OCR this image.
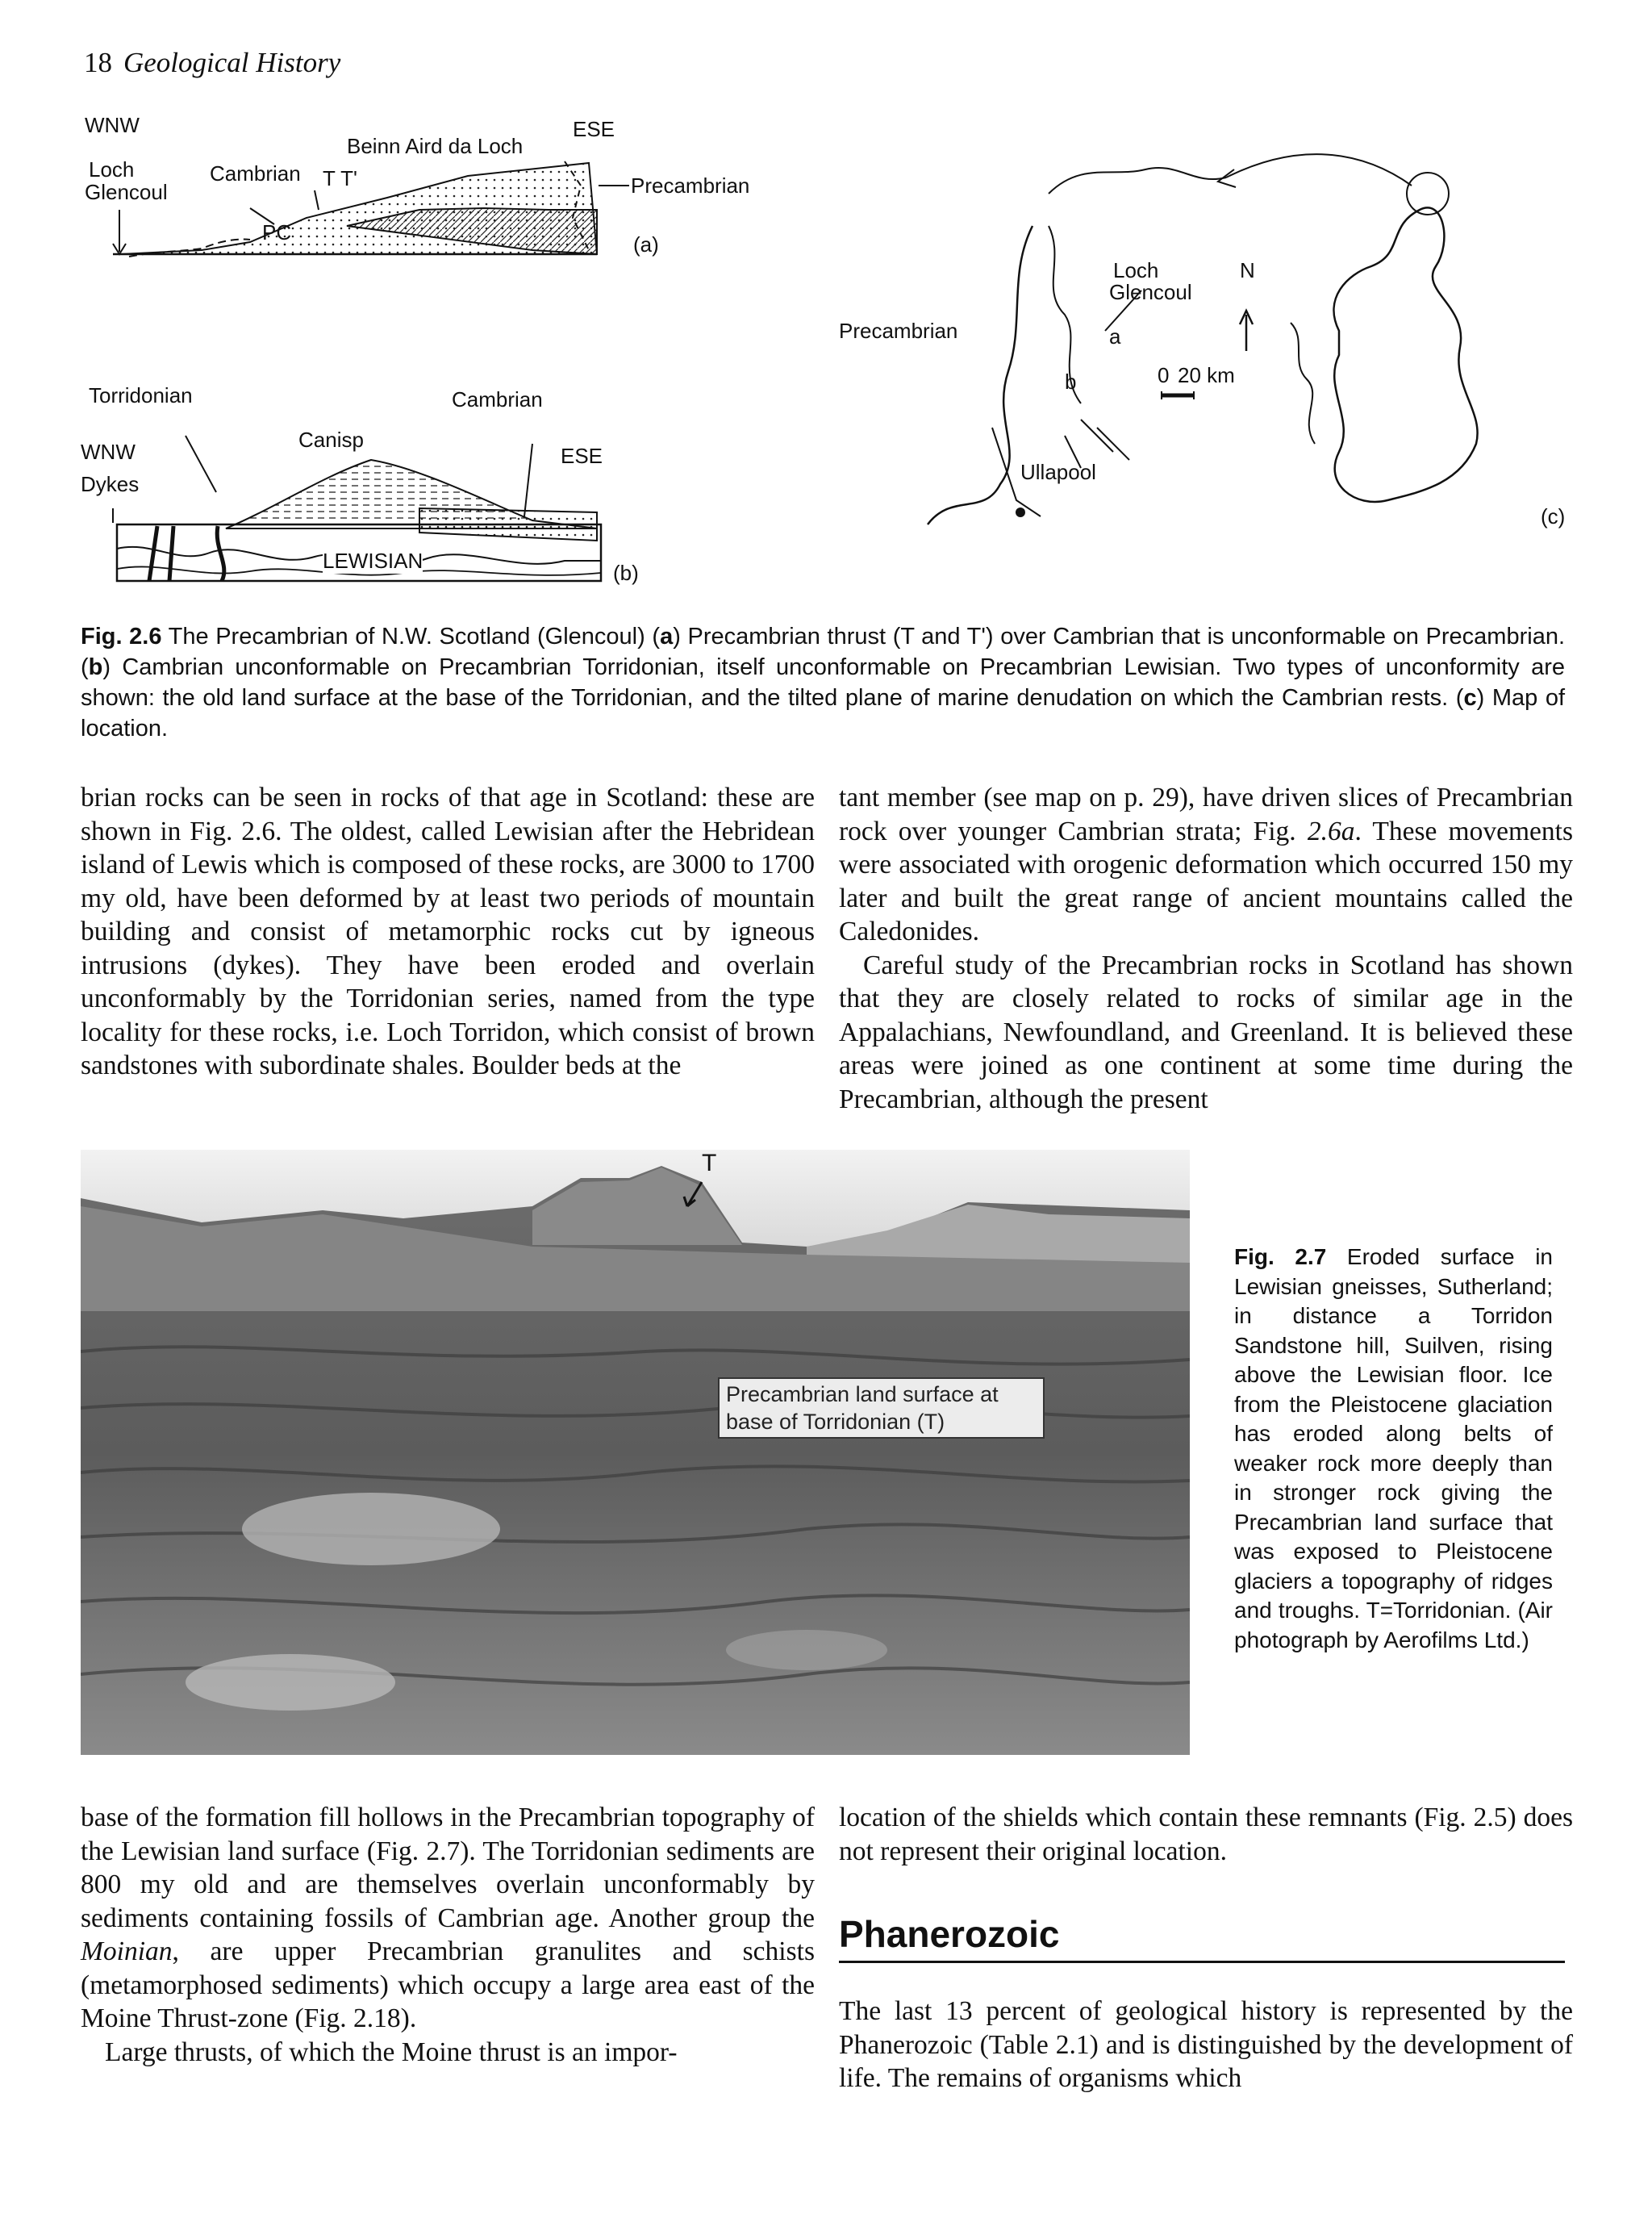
18 Geological History
WNW
Loch
Glencoul
Cambrian
Beinn Aird da Loch
ESE
T T'
PC
Precambrian
(a)
Torridonian
Canisp
Cambrian
WNW	ESE
Dykes
LEWISIAN	(b)
Precambrian
Loch
Glencoul
N
a
b	0 20 km
Ullapool
(c)
Fig. 2.6 The Precambrian of N.W. Scotland (Glencoul) (a) Precambrian thrust (T and T') over Cambrian that is unconformable on Precambrian. (b) Cambrian unconformable on Precambrian Torridonian, itself unconformable on Precambrian Lewisian. Two types of unconformity are shown: the old land surface at the base of the Torridonian, and the tilted plane of marine denudation on which the Cambrian rests. (c) Map of location.

brian rocks can be seen in rocks of that age in Scotland: these are shown in Fig. 2.6. The oldest, called Lewisian after the Hebridean island of Lewis which is composed of these rocks, are 3000 to 1700 my old, have been deformed by at least two periods of mountain building and consist of metamorphic rocks cut by igneous intrusions (dykes). They have been eroded and overlain unconformably by the Torridonian series, named from the type locality for these rocks, i.e. Loch Torridon, which consist of brown sandstones with subordinate shales. Boulder beds at the

tant member (see map on p. 29), have driven slices of Precambrian rock over younger Cambrian strata; Fig. 2.6a. These movements were associated with orogenic deformation which occurred 150 my later and built the great range of ancient mountains called the Caledonides.

Careful study of the Precambrian rocks in Scotland has shown that they are closely related to rocks of similar age in the Appalachians, Newfoundland, and Greenland. It is believed these areas were joined as one continent at some time during the Precambrian, although the present

T
Precambrian land surface at
base of Torridonian (T)
Fig. 2.7 Eroded surface in Lewisian gneisses, Sutherland; in distance a Torridon Sandstone hill, Suilven, rising above the Lewisian floor. Ice from the Pleistocene glaciation has eroded along belts of weaker rock more deeply than in stronger rock giving the Precambrian land surface that was exposed to Pleistocene glaciers a topography of ridges and troughs. T=Torridonian. (Air photograph by Aerofilms Ltd.)

base of the formation fill hollows in the Precambrian topography of the Lewisian land surface (Fig. 2.7). The Torridonian sediments are 800 my old and are themselves overlain unconformably by sediments containing fossils of Cambrian age. Another group the Moinian, are upper Precambrian granulites and schists (metamorphosed sediments) which occupy a large area east of the Moine Thrust-zone (Fig. 2.18).

Large thrusts, of which the Moine thrust is an impor-

location of the shields which contain these remnants (Fig. 2.5) does not represent their original location.

Phanerozoic

The last 13 percent of geological history is represented by the Phanerozoic (Table 2.1) and is distinguished by the development of life. The remains of organisms which
